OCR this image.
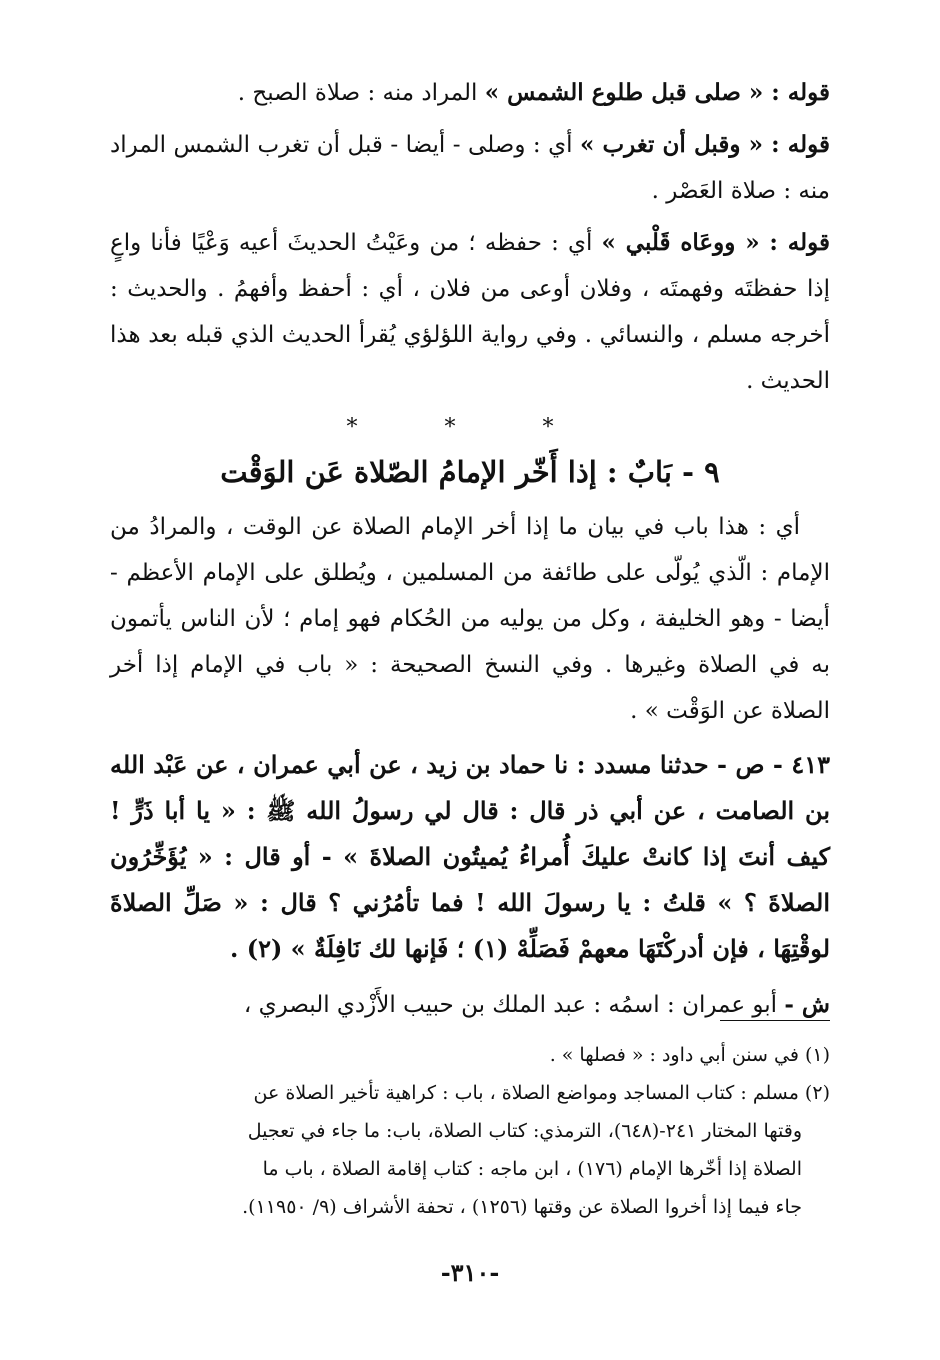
قوله : « صلى قبل طلوع الشمس » المراد منه : صلاة الصبح .

قوله : « وقبل أن تغرب » أي : وصلى - أيضا - قبل أن تغرب الشمس المراد منه : صلاة العَصْر .

قوله : « ووعَاه قَلْبي » أي : حفظه ؛ من وعَيْتُ الحديثَ أعيه وَعْيًا فأنا واعٍ إذا حفظتَه وفهمتَه ، وفلان أوعى من فلان ، أي : أحفظ وأفهمُ . والحديث : أخرجه مسلم ، والنسائي . وفي رواية اللؤلؤي يُقرأ الحديث الذي قبله بعد هذا الحديث .

* * *
٩ - بَابٌ : إذا أَخّر الإمامُ الصّلاة عَن الوَقْت

أي : هذا باب في بيان ما إذا أخر الإمام الصلاة عن الوقت ، والمرادُ من الإمام : الّذي يُولّى على طائفة من المسلمين ، ويُطلق على الإمام الأعظم - أيضا - وهو الخليفة ، وكل من يوليه من الحُكام فهو إمام ؛ لأن الناس يأتمون به في الصلاة وغيرها . وفي النسخ الصحيحة : « باب في الإمام إذا أخر الصلاة عن الوَقْت » .

٤١٣ - ص - حدثنا مسدد : نا حماد بن زيد ، عن أبي عمران ، عن عَبْد الله بن الصامت ، عن أبي ذر قال : قال لي رسولُ الله ﷺ : « يا أبا ذَرٍّ ! كيف أنتَ إذا كانتْ عليكَ أُمراءُ يُميتُون الصلاةَ » - أو قال : « يُؤَخِّرُون الصلاةَ ؟ » قلتُ : يا رسولَ الله ! فما تأمُرُني ؟ قال : « صَلِّ الصلاةَ لوقْتِهَا ، فإن أدركْتَهَا معهمْ فَصَلِّهْ (١) ؛ فَإنها لك نَافِلَةٌ » (٢) .

ش - أبو عمران : اسمُه : عبد الملك بن حبيب الأَزْدي البصري ،

(١) في سنن أبي داود : « فصلها » .

(٢) مسلم : كتاب المساجد ومواضع الصلاة ، باب : كراهية تأخير الصلاة عن

وقتها المختار ٢٤١-(٦٤٨)، الترمذي: كتاب الصلاة، باب: ما جاء في تعجيل

الصلاة إذا أخّرها الإمام (١٧٦) ، ابن ماجه : كتاب إقامة الصلاة ، باب ما

جاء فيما إذا أخروا الصلاة عن وقتها (١٢٥٦) ، تحفة الأشراف (٩/ ١١٩٥٠).

-٣١٠-
